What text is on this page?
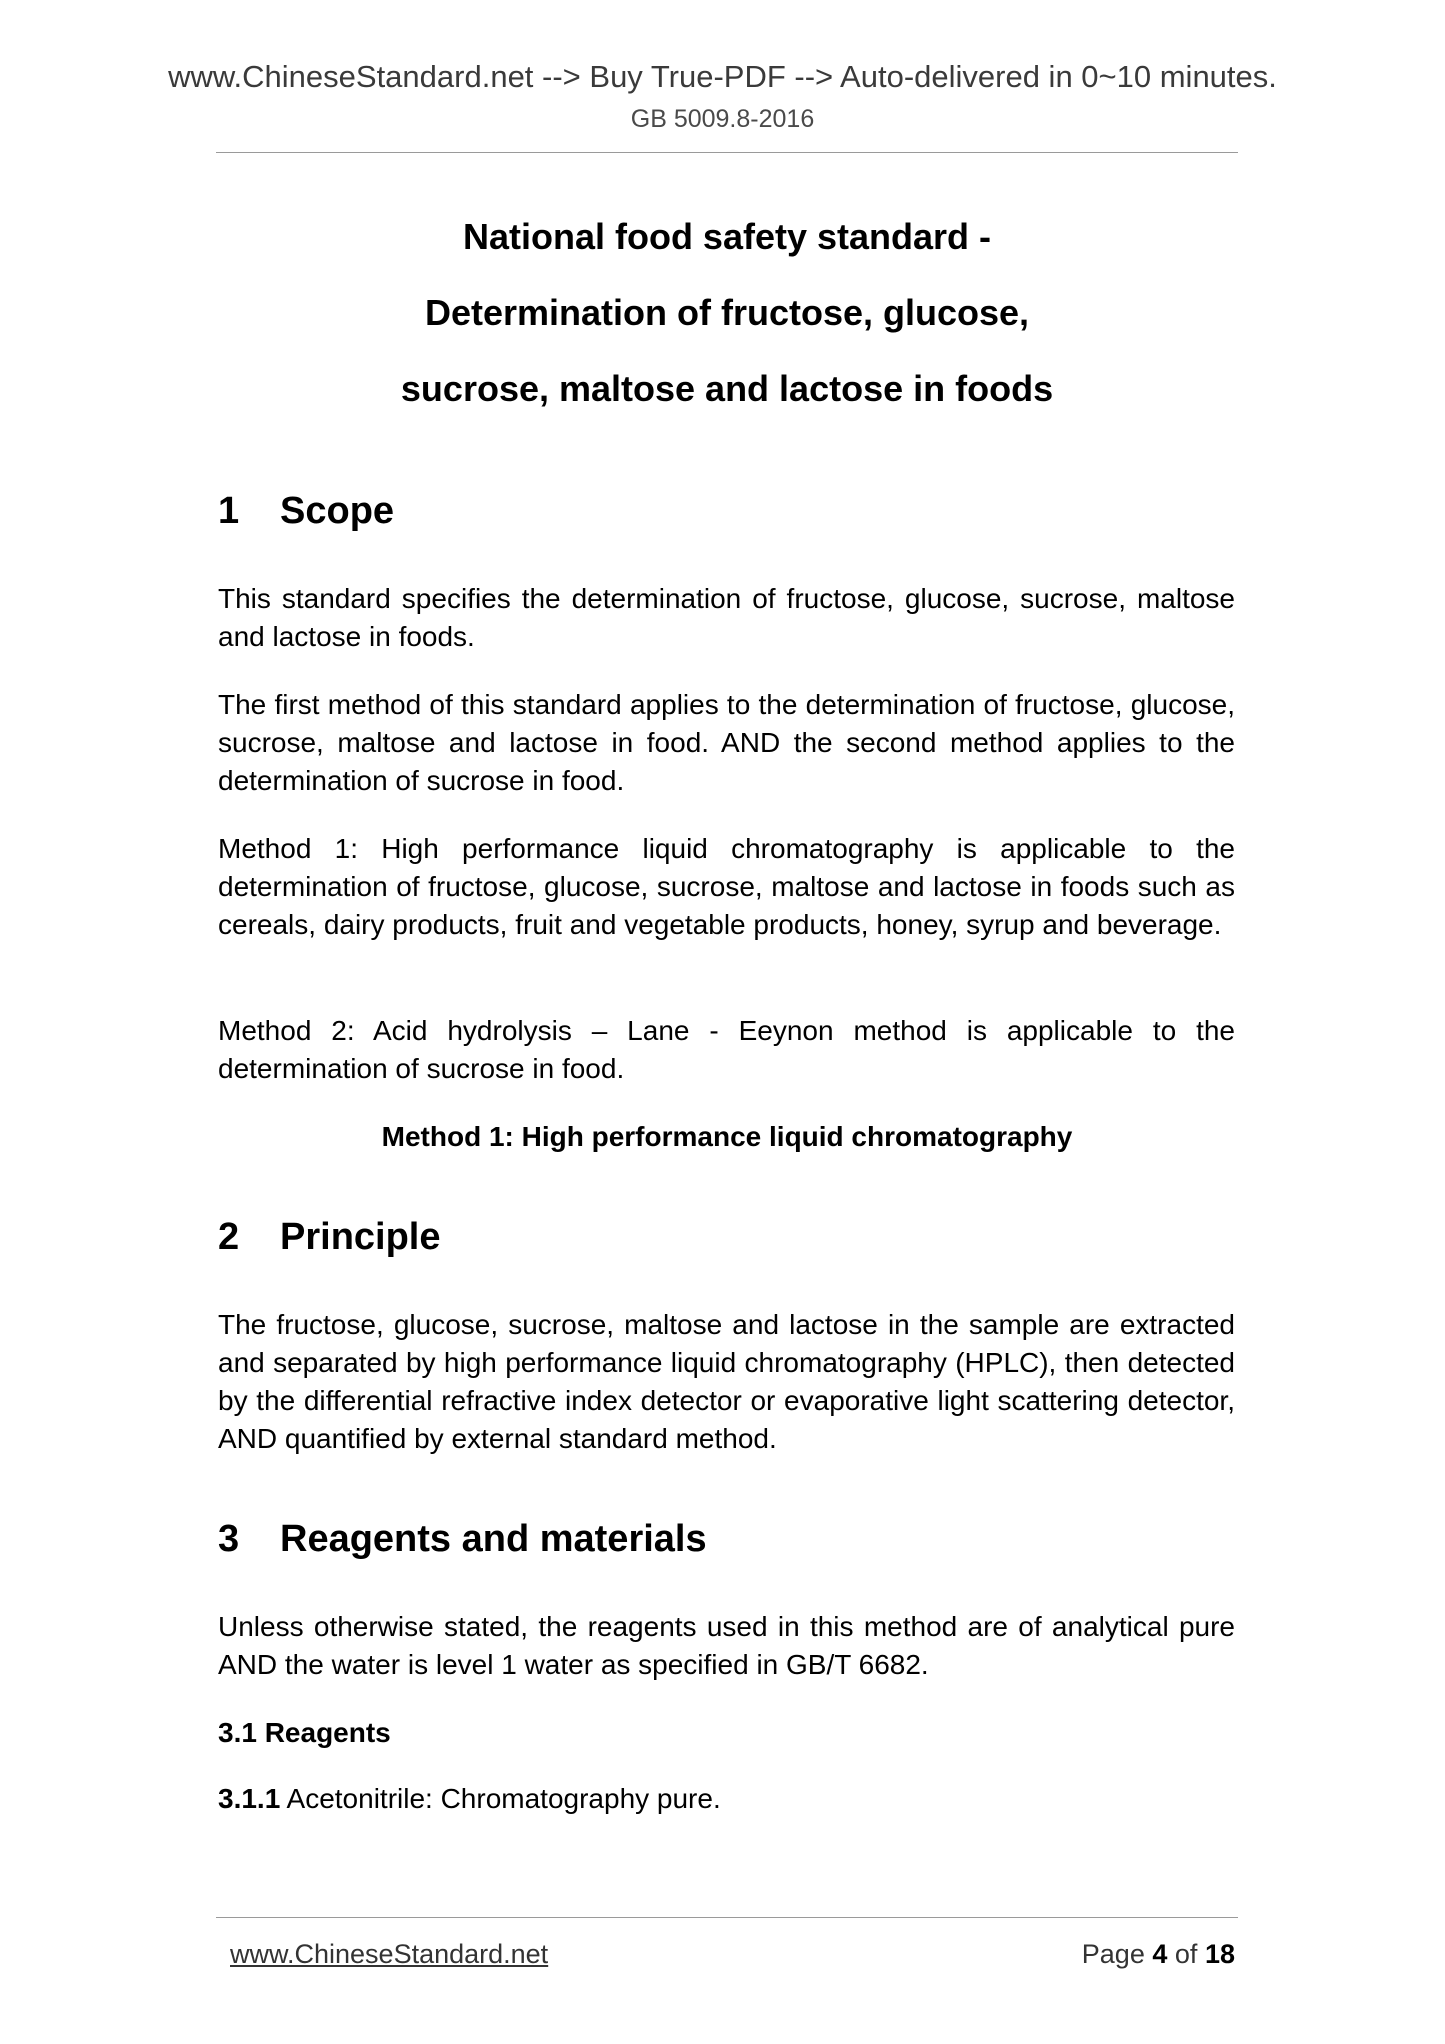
www.ChineseStandard.net --> Buy True-PDF --> Auto-delivered in 0~10 minutes.
GB 5009.8-2016
National food safety standard -
Determination of fructose, glucose,
sucrose, maltose and lactose in foods
1 Scope
This standard specifies the determination of fructose, glucose, sucrose, maltose and lactose in foods.
The first method of this standard applies to the determination of fructose, glucose, sucrose, maltose and lactose in food. AND the second method applies to the determination of sucrose in food.
Method 1: High performance liquid chromatography is applicable to the determination of fructose, glucose, sucrose, maltose and lactose in foods such as cereals, dairy products, fruit and vegetable products, honey, syrup and beverage.
Method 2: Acid hydrolysis – Lane - Eeynon method is applicable to the determination of sucrose in food.
Method 1: High performance liquid chromatography
2 Principle
The fructose, glucose, sucrose, maltose and lactose in the sample are extracted and separated by high performance liquid chromatography (HPLC), then detected by the differential refractive index detector or evaporative light scattering detector, AND quantified by external standard method.
3 Reagents and materials
Unless otherwise stated, the reagents used in this method are of analytical pure AND the water is level 1 water as specified in GB/T 6682.
3.1 Reagents
3.1.1 Acetonitrile: Chromatography pure.
www.ChineseStandard.net	Page 4 of 18
